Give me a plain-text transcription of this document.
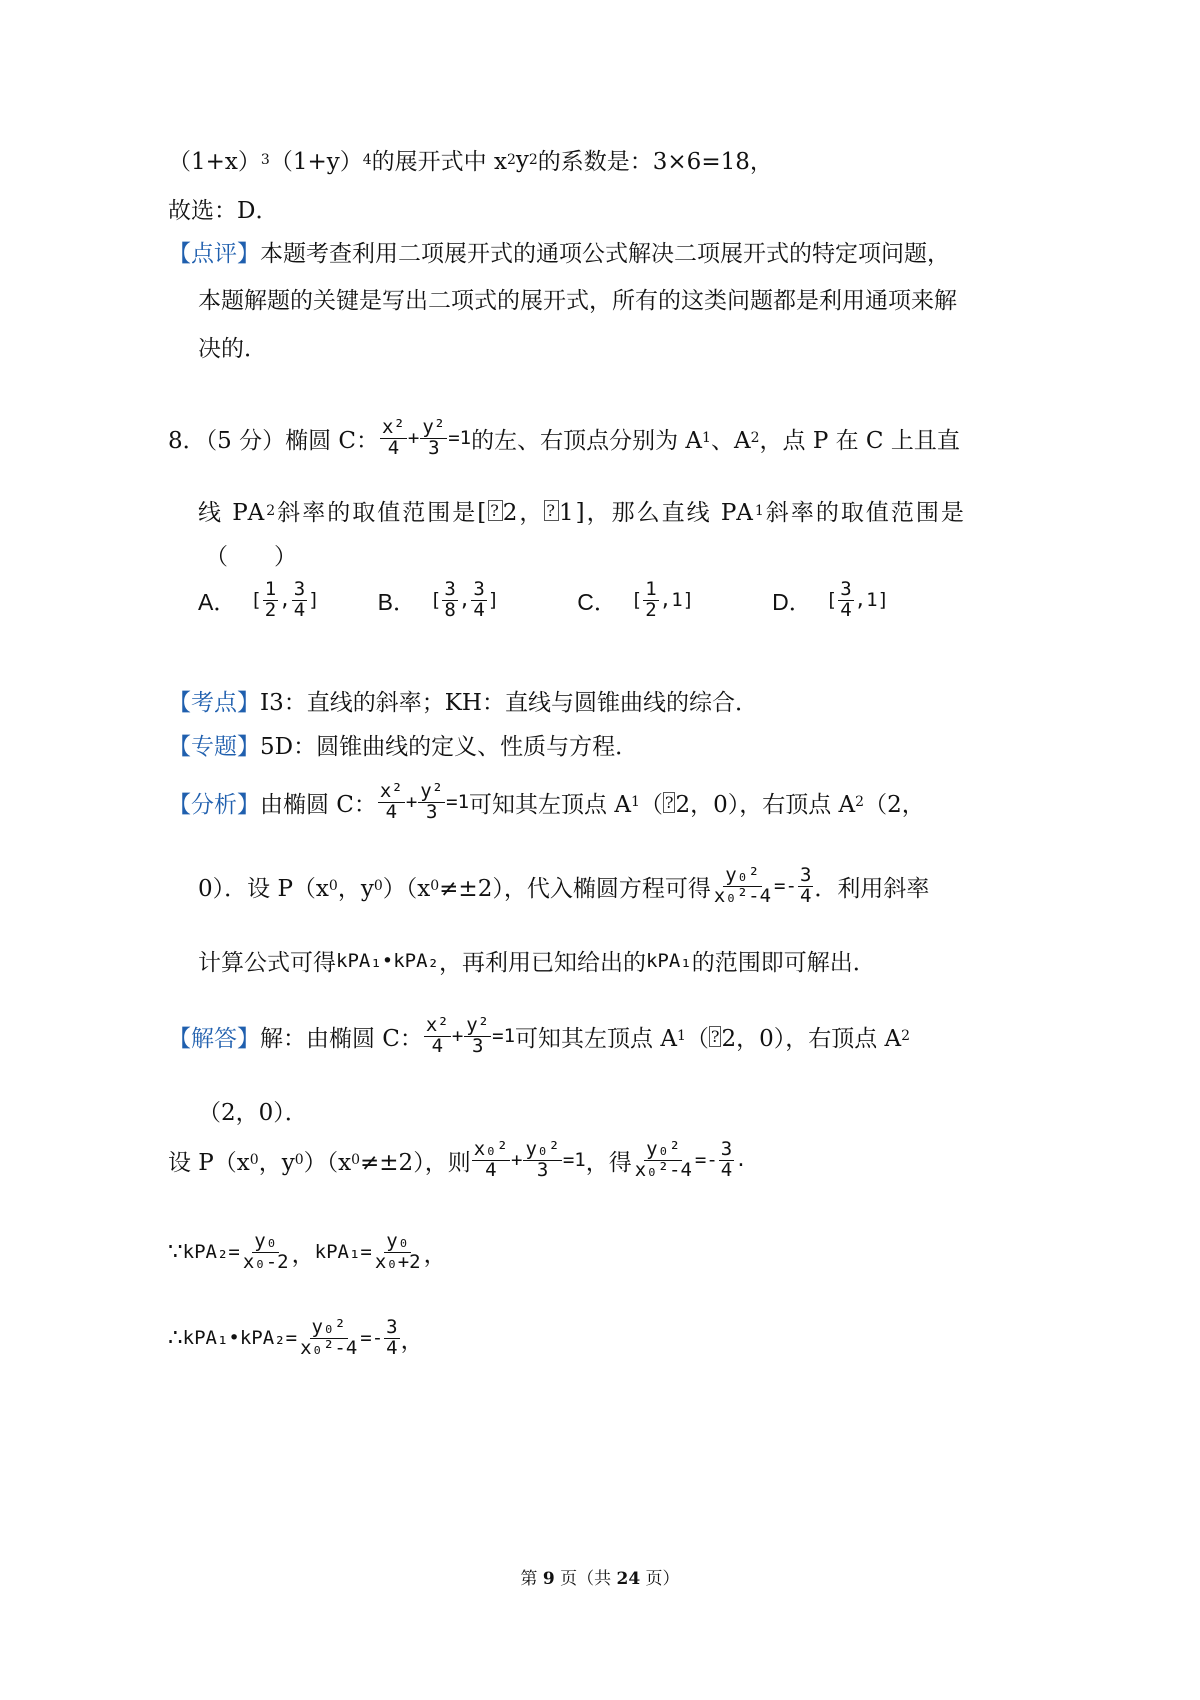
（1+x） 3 （1+y） 4 的展开式中 x 2 y 2 的系数是：3×6=18，
故选：D．
【 点评 】 本题考查利用二项展开式的通项公式解决二项展开式的特定项问题，
本题解题的关键是写出二项式的展开式，所有的这类问题都是利用通项来解
决的．
8．（5 分）椭圆 C： $\frac{\text{x²}}{4} + \frac{\text{y²}}{3} =1$ 的左、右顶点分别为 A 1 、A 2 ，点 P 在 C 上且直
线 PA 2 斜率的取值范围是[ ? 2， ? 1]，那么直线 PA 1 斜率的取值范围是
（　　）
A． [ $\frac{1}{2}$ , $\frac{3}{4}$ ]	B． [ $\frac{3}{8}$ , $\frac{3}{4}$ ]	C． [ $\frac{1}{2}$ , 1 ]	D． [ $\frac{3}{4}$ , 1 ]
【 考点 】 I3：直线的斜率；KH：直线与圆锥曲线的综合．
【 专题 】 5D：圆锥曲线的定义、性质与方程．
【 分析 】 由椭圆 C： $\frac{\text{x²}}{4} + \frac{\text{y²}}{3} =1$ 可知其左顶点 A 1 （ ? 2，0），右顶点 A 2 （2，
0）．设 P（x 0 ，y 0 ）（x 0 ≠±2），代入椭圆方程可得 $\frac{\text{y₀²}}{\text{x₀²-4}} =- \frac{3}{4}$ ．利用斜率
计算公式可得 kPA₁ • kPA₂ ，再利用已知给出的 kPA₁ 的范围即可解出．
【 解答 】 解：由椭圆 C： $\frac{\text{x²}}{4} + \frac{\text{y²}}{3} =1$ 可知其左顶点 A 1 （ ? 2，0），右顶点 A 2
（2，0）．
设 P（x 0 ，y 0 ）（x 0 ≠±2），则 $\frac{\text{x₀²}}{4} + \frac{\text{y₀²}}{3} =1$ ，得 $\frac{\text{y₀²}}{\text{x₀²-4}} =- \frac{3}{4}$ .
∵ $kPA_2 = \frac{\text{y₀}}{\text{x₀-2}}$ ， $kPA_1 = \frac{\text{y₀}}{\text{x₀+2}}$ ，
∴ kPA₁ • $kPA_2 = \frac{\text{y₀²}}{\text{x₀²-4}} =- \frac{3}{4}$ ，
第 9 页（共 24 页）
